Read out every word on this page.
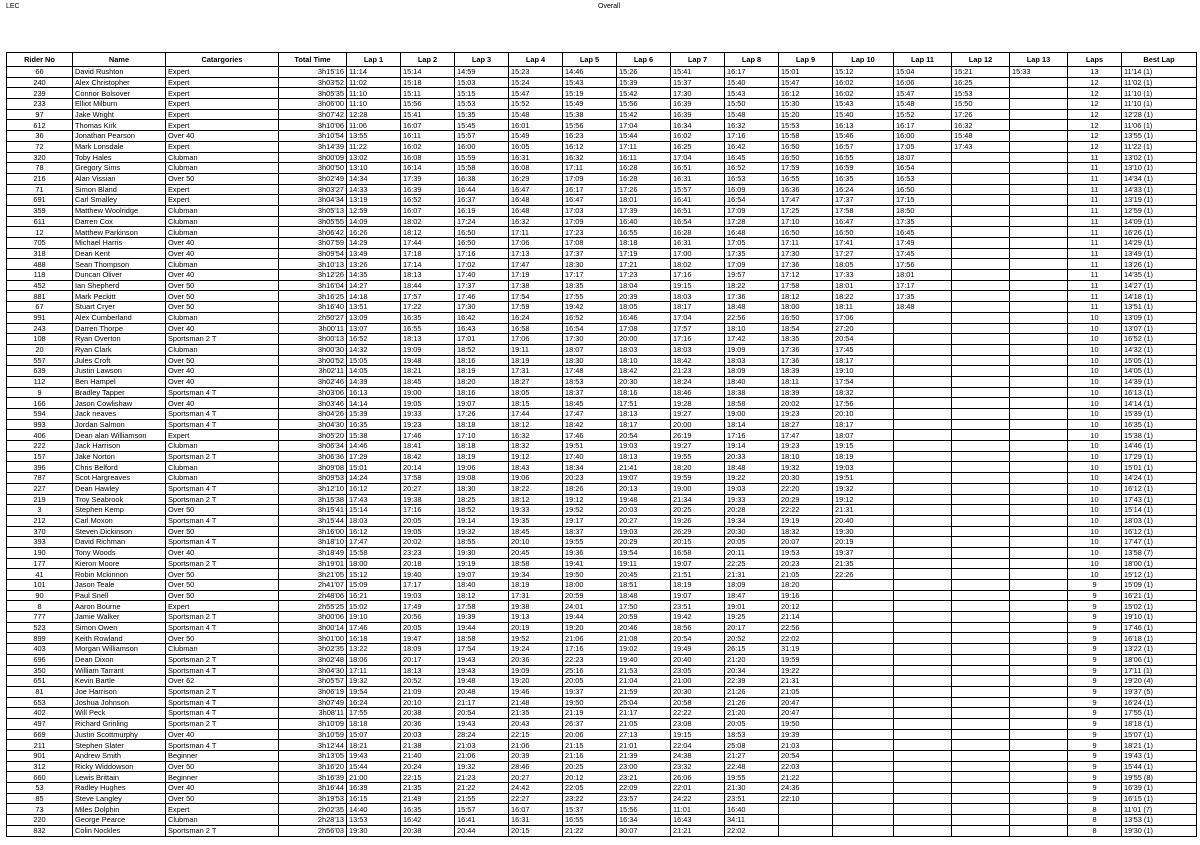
LEC	Overall
Rider No	Name	Catargories	Total Time	Lap 1	Lap 2	Lap 3	Lap 4	Lap 5	Lap 6	Lap 7	Lap 8	Lap 9	Lap 10	Lap 11	Lap 12	Lap 13	Laps	Best Lap
66	David Rushton	Expert	3h15'16	11:14	15:14	14:59	15:23	14:46	15:26	15:41	16:17	15:01	15:12	15:04	15:21	15:33	13	11'14 (1)
240	Alex Christopher	Expert	3h03'52	11:02	15:18	15:03	15:24	15:43	15:39	15:37	15:40	15:47	16:02	16:06	16:25		12	11'02 (1)
239	Connor Bolsover	Expert	3h05'35	11:10	15:11	15:15	15:47	15:19	15:42	17:30	15:43	16:12	16:02	15:47	15:53		12	11'10 (1)
233	Elliot Milburn	Expert	3h06'00	11:10	15:56	15:53	15:52	15:49	15:56	16:39	15:50	15:30	15:43	15:48	15:50		12	11'10 (1)
97	Jake Wright	Expert	3h07'42	12:28	15:41	15:35	15:48	15:38	15:42	16:39	15:48	15:20	15:40	15:52	17:26		12	12'28 (1)
612	Thomas Kirk	Expert	3h10'06	11:06	16:07	15:45	16:01	15:56	17:04	16:34	16:32	15:53	16:13	16:17	16:32		12	11'06 (1)
36	Jonathan Pearson	Over 40	3h10'54	13:55	16:11	15:57	15:49	16:23	15:44	16:02	17:16	15:58	15:46	16:00	15:48		12	13'55 (1)
72	Mark Lonsdale	Expert	3h14'39	11:22	16:02	16:00	16:05	16:12	17:11	16:25	16:42	16:50	16:57	17:05	17:43		12	11'22 (1)
320	Toby Hales	Clubman	3h00'09	13:02	16:08	15:59	16:31	16:32	16:11	17:04	16:45	16:50	16:55	18:07			11	13'02 (1)
78	Gregory Sims	Clubman	3h00'50	13:10	16:14	15:58	16:08	17:11	16:28	16:51	16:52	17:59	16:59	16:54			11	13'10 (1)
216	Alan Vissian	Over 50	3h02'49	14:34	17:39	16:38	16:29	17:09	16:28	16:31	16:53	16:55	16:35	16:53			11	14'34 (1)
71	Simon Bland	Expert	3h03'27	14:33	16:39	16:44	16:47	16:17	17:26	15:57	16:09	16:36	16:24	16:50			11	14'33 (1)
691	Carl Smalley	Expert	3h04'34	13:19	16:52	16:37	16:48	16:47	18:01	16:41	16:54	17:47	17:37	17:15			11	13'19 (1)
359	Matthew Woolridge	Clubman	3h05'13	12:59	16:07	16:19	16:48	17:03	17:39	16:51	17:09	17:25	17:58	18:50			11	12'59 (1)
611	Darren Cox	Clubman	3h05'55	14:09	18:02	17:24	16:32	17:09	16:40	16:54	17:28	17:10	16:47	17:35			11	14'09 (1)
12	Matthew Parkinson	Clubman	3h06'42	16:26	18:12	16:50	17:11	17:23	16:55	16:28	16:48	16:50	16:50	16:45			11	16'26 (1)
705	Michael Harris	Over 40	3h07'59	14:29	17:44	16:50	17:06	17:08	18:18	16:31	17:05	17:11	17:41	17:49			11	14'29 (1)
318	Dean Kent	Over 40	3h09'54	13:49	17:18	17:16	17:13	17:37	17:19	17:00	17:35	17:30	17:27	17:45			11	13'49 (1)
488	Sean Thompson	Clubman	3h10'13	13:26	17:14	17:02	17:47	18:30	17:21	18:02	17:09	17:36	18:05	17:56			11	13'26 (1)
118	Duncan Oliver	Over 40	3h12'26	14:35	18:13	17:40	17:19	17:17	17:23	17:16	19:57	17:12	17:33	18:01			11	14'35 (1)
452	Ian Shepherd	Over 50	3h16'04	14:27	18:44	17:37	17:38	18:35	18:04	19:15	18:22	17:58	18:01	17:17			11	14'27 (1)
881	Mark Peckitt	Over 50	3h16'25	14:18	17:57	17:46	17:54	17:55	20:39	18:03	17:36	18:12	18:22	17:35			11	14'18 (1)
67	Stuart Cryer	Over 50	3h16'40	13:51	17:22	17:30	17:59	19:42	18:05	18:17	18:48	18:00	18:11	18:48			11	13'51 (1)
991	Alex Cumberland	Clubman	2h50'27	13:09	16:35	16:42	16:24	16:52	16:46	17:04	22:56	16:50	17:06				10	13'09 (1)
243	Darren Thorpe	Over 40	3h00'11	13:07	16:55	16:43	16:58	16:54	17:08	17:57	18:10	18:54	27:20				10	13'07 (1)
108	Ryan Overton	Sportsman 2 T	3h00'13	16:52	18:13	17:01	17:06	17:30	20:00	17:16	17:42	18:35	20:54				10	16'52 (1)
20	Ryan Clark	Clubman	3h00'30	14:32	19:09	18:52	19:11	18:07	18:03	18:03	19:09	17:36	17:45				10	14'32 (1)
557	Jules Croft	Over 50	3h00'52	15:05	19:48	18:16	18:19	18:30	18:10	18:42	18:03	17:36	18:17				10	15'05 (1)
639	Justin Lawson	Over 40	3h02'11	14:05	18:21	18:19	17:31	17:48	18:42	21:23	18:09	18:39	19:10				10	14'05 (1)
112	Ben Hampel	Over 40	3h02'46	14:39	18:45	18:20	18:27	18:53	20:30	18:24	18:40	18:11	17:54				10	14'39 (1)
9	Bradley Tapper	Sportsman 4 T	3h03'06	16:13	19:00	18:16	18:05	18:37	18:16	18:46	18:38	18:39	18:32				10	16'13 (1)
166	Jason Cowlishaw	Over 40	3h03'46	14:14	19:05	19:07	18:15	18:45	17:51	19:28	18:58	20:02	17:56				10	14'14 (1)
594	Jack neaves	Sportsman 4 T	3h04'26	15:39	19:33	17:26	17:44	17:47	18:13	19:27	19:00	19:23	20:10				10	15'39 (1)
993	Jordan Salmon	Sportsman 4 T	3h04'30	16:35	19:23	18:18	18:12	18:42	18:17	20:00	18:14	18:27	18:17				10	16'35 (1)
406	Dean alan Williamson	Expert	3h05'20	15:38	17:46	17:10	16:32	17:46	20:54	26:19	17:16	17:47	18:07				10	15'38 (1)
222	Jack Harrison	Clubman	3h06'34	14:46	18:41	18:18	18:32	19:51	19:03	19:27	19:14	19:23	19:15				10	14'46 (1)
157	Jake Norton	Sportsman 2 T	3h06'36	17:29	18:42	18:19	19:12	17:40	18:13	19:55	20:33	18:10	18:19				10	17'29 (1)
396	Chris Belford	Clubman	3h09'08	15:01	20:14	19:06	18:43	18:34	21:41	18:20	18:48	19:32	19:03				10	15'01 (1)
787	Scot Hargreaves	Clubman	3h09'53	14:24	17:58	19:08	19:06	20:23	19:07	19:59	19:22	20:30	19:51				10	14'24 (1)
227	Dean Hawley	Sportsman 4 T	3h12'10	16:12	20:27	18:30	18:22	18:26	20:13	19:00	19:03	22:20	19:32				10	16'12 (1)
219	Troy Seabrook	Sportsman 2 T	3h15'38	17:43	19:38	18:25	18:12	19:12	19:48	21:34	19:33	20:29	19:12				10	17'43 (1)
3	Stephen Kemp	Over 50	3h15'41	15:14	17:16	18:52	19:33	19:52	20:03	20:25	20:28	22:22	21:31				10	15'14 (1)
212	Carl Moxon	Sportsman 4 T	3h15'44	18:03	20:05	19:14	19:35	19:17	20:27	19:26	19:34	19:19	20:40				10	18'03 (1)
370	Steven Dickinson	Over 50	3h16'00	16:12	19:05	19:32	18:45	18:37	19:03	26:29	20:30	18:32	19:30				10	16'12 (1)
393	David Richman	Sportsman 4 T	3h18'10	17:47	20:02	18:55	20:10	19:55	20:29	20:15	20:05	20:07	20:19				10	17'47 (1)
190	Tony Woods	Over 40	3h18'49	15:58	23:23	19:30	20:45	19:36	19:54	16:58	20:11	19:53	19:37				10	13'58 (7)
177	Kieron Moore	Sportsman 2 T	3h19'01	18:00	20:18	19:19	18:58	19:41	19:11	19:07	22:25	20:23	21:35				10	18'00 (1)
41	Robin Mckinnon	Over 50	3h21'05	15:12	19:40	19:07	19:34	19:50	20:45	21:51	21:31	21:05	22:26				10	15'12 (1)
101	Jason Teale	Over 50	2h41'07	15:09	17:17	18:40	18:19	18:00	18:51	18:19	18:09	18:20					9	15'09 (1)
90	Paul Snell	Over 50	2h48'06	16:21	19:03	18:12	17:31	20:59	18:48	19:07	18:47	19:16					9	16'21 (1)
8	Aaron Bourne	Expert	2h55'25	15:02	17:49	17:58	19:38	24:01	17:50	23:51	19:01	20:12					9	15'02 (1)
777	Jamie Walker	Sportsman 2 T	3h00'06	19:10	20:56	19:39	19:13	19:44	20:59	19:42	19:25	21:14					9	19'10 (1)
523	Simon Owen	Sportsman 4 T	3h00'14	17:46	20:05	19:44	20:19	19:20	20:46	18:56	20:17	22:56					9	17'46 (1)
899	Keith Rowland	Over 50	3h01'00	16:18	19:47	18:58	19:52	21:06	21:08	20:54	20:52	22:02					9	16'18 (1)
403	Morgan Williamson	Clubman	3h02'35	13:22	18:09	17:54	19:24	17:16	19:02	19:49	26:15	31:19					9	13'22 (1)
696	Dean Dixon	Sportsman 2 T	3h02'48	18:06	20:17	19:43	20:36	22:23	19:40	20:40	21:20	19:59					9	18'06 (1)
350	William Tarrant	Sportsman 4 T	3h04'30	17:11	18:13	19:43	19:09	25:16	21:53	23:05	20:34	19:22					9	17'11 (1)
651	Kevin Bartle	Over 62	3h05'57	19:32	20:52	19:48	19:20	20:05	21:04	21:00	22:39	21:31					9	19'20 (4)
81	Joe Harrison	Sportsman 2 T	3h06'19	19:54	21:09	20:48	19:46	19:37	21:59	20:30	21:26	21:05					9	19'37 (5)
653	Joshua Johnson	Sportsman 4 T	3h07'49	16:24	20:10	21:17	21:48	19:50	25:04	20:58	21:26	20:47					9	16'24 (1)
402	Will Peck	Sportsman 4 T	3h08'11	17:55	20:38	20:54	21:35	21:19	21:17	22:22	21:20	20:47					9	17'55 (1)
497	Richard Grinling	Sportsman 2 T	3h10'09	18:18	20:36	19:43	20:43	26:37	21:05	23:08	20:05	19:50					9	18'18 (1)
669	Justin Scottmurphy	Over 40	3h10'59	15:07	20:03	28:24	22:15	20:06	27:13	19:15	18:53	19:39					9	15'07 (1)
211	Stephen Slater	Sportsman 4 T	3h12'44	18:21	21:38	21:03	21:06	21:15	21:01	22:04	25:08	21:03					9	18'21 (1)
901	Andrew Smith	Beginner	3h13'05	19:43	21:40	21:06	20:39	21:16	21:39	24:38	21:27	20:54					9	19'43 (1)
312	Ricky Widdowson	Over 50	3h16'20	15:44	20:24	19:32	28:46	20:25	23:00	23:32	22:48	22:03					9	15'44 (1)
660	Lewis Brittain	Beginner	3h16'39	21:00	22:15	21:23	20:27	20:12	23:21	26:06	19:55	21:22					9	19'55 (8)
53	Radley Hughes	Over 40	3h16'44	16:39	21:35	21:22	24:42	22:05	22:09	22:01	21:30	24:36					9	16'39 (1)
85	Steve Langley	Over 50	3h19'53	16:15	21:49	21:55	22:27	23:22	23:57	24:22	23:51	22:10					9	16'15 (1)
73	Miles Dolphin	Expert	2h02'35	14:40	16:35	15:57	16:07	15:37	15:56	11:01	16:40						8	11'01 (7)
220	George Pearce	Clubman	2h28'13	13:53	16:42	16:41	16:31	16:55	16:34	16:43	34:11						8	13'53 (1)
832	Colin Nockles	Sportsman 2 T	2h56'03	19:30	20:38	20:44	20:15	21:22	30:07	21:21	22:02						8	19'30 (1)
